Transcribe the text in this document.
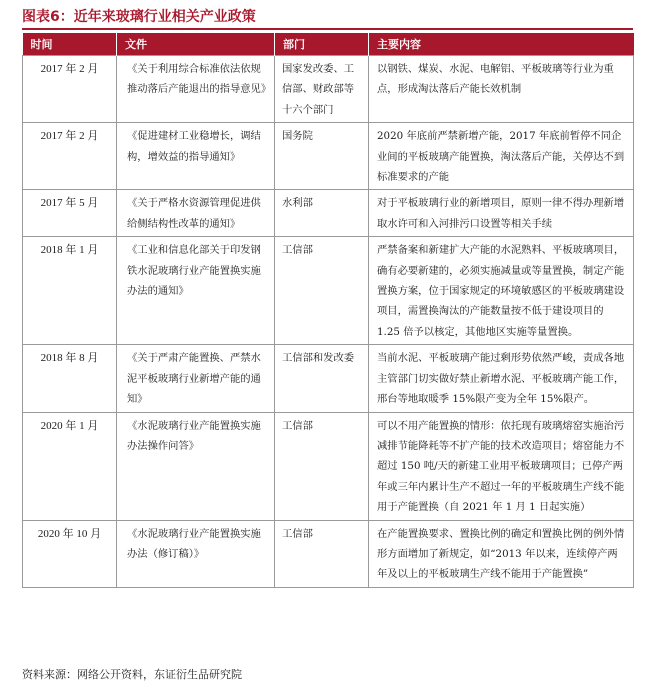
图表6：近年来玻璃行业相关产业政策
时间	文件	部门	主要内容
2017 年 2 月	《关于利用综合标准依法依规推动落后产能退出的指导意见》	国家发改委、工信部、财政部等十六个部门	以钢铁、煤炭、水泥、电解铝、平板玻璃等行业为重点，形成淘汰落后产能长效机制
2017 年 2 月	《促进建材工业稳增长，调结构，增效益的指导通知》	国务院	2020 年底前严禁新增产能，2017 年底前暂停不同企业间的平板玻璃产能置换，淘汰落后产能，关停达不到标准要求的产能
2017 年 5 月	《关于严格水资源管理促进供给侧结构性改革的通知》	水利部	对于平板玻璃行业的新增项目，原则一律不得办理新增取水许可和入河排污口设置等相关手续
2018 年 1 月	《工业和信息化部关于印发钢铁水泥玻璃行业产能置换实施办法的通知》	工信部	严禁备案和新建扩大产能的水泥熟料、平板玻璃项目，确有必要新建的，必须实施减量或等量置换，制定产能置换方案，位于国家规定的环境敏感区的平板玻璃建设项目，需置换淘汰的产能数量按不低于建设项目的 1.25 倍予以核定，其他地区实施等量置换。
2018 年 8 月	《关于严肃产能置换、严禁水泥平板玻璃行业新增产能的通知》	工信部和发改委	当前水泥、平板玻璃产能过剩形势依然严峻，责成各地主管部门切实做好禁止新增水泥、平板玻璃产能工作，邢台等地取暖季 15%限产变为全年 15%限产。
2020 年 1 月	《水泥玻璃行业产能置换实施办法操作问答》	工信部	可以不用产能置换的情形：依托现有玻璃熔窑实施治污减排节能降耗等不扩产能的技术改造项目；熔窑能力不超过 150 吨/天的新建工业用平板玻璃项目；已停产两年或三年内累计生产不超过一年的平板玻璃生产线不能用于产能置换（自 2021 年 1 月 1 日起实施）
2020 年 10 月	《水泥玻璃行业产能置换实施办法（修订稿）》	工信部	在产能置换要求、置换比例的确定和置换比例的例外情形方面增加了新规定，如“2013 年以来，连续停产两年及以上的平板玻璃生产线不能用于产能置换”
资料来源：网络公开资料，东证衍生品研究院
